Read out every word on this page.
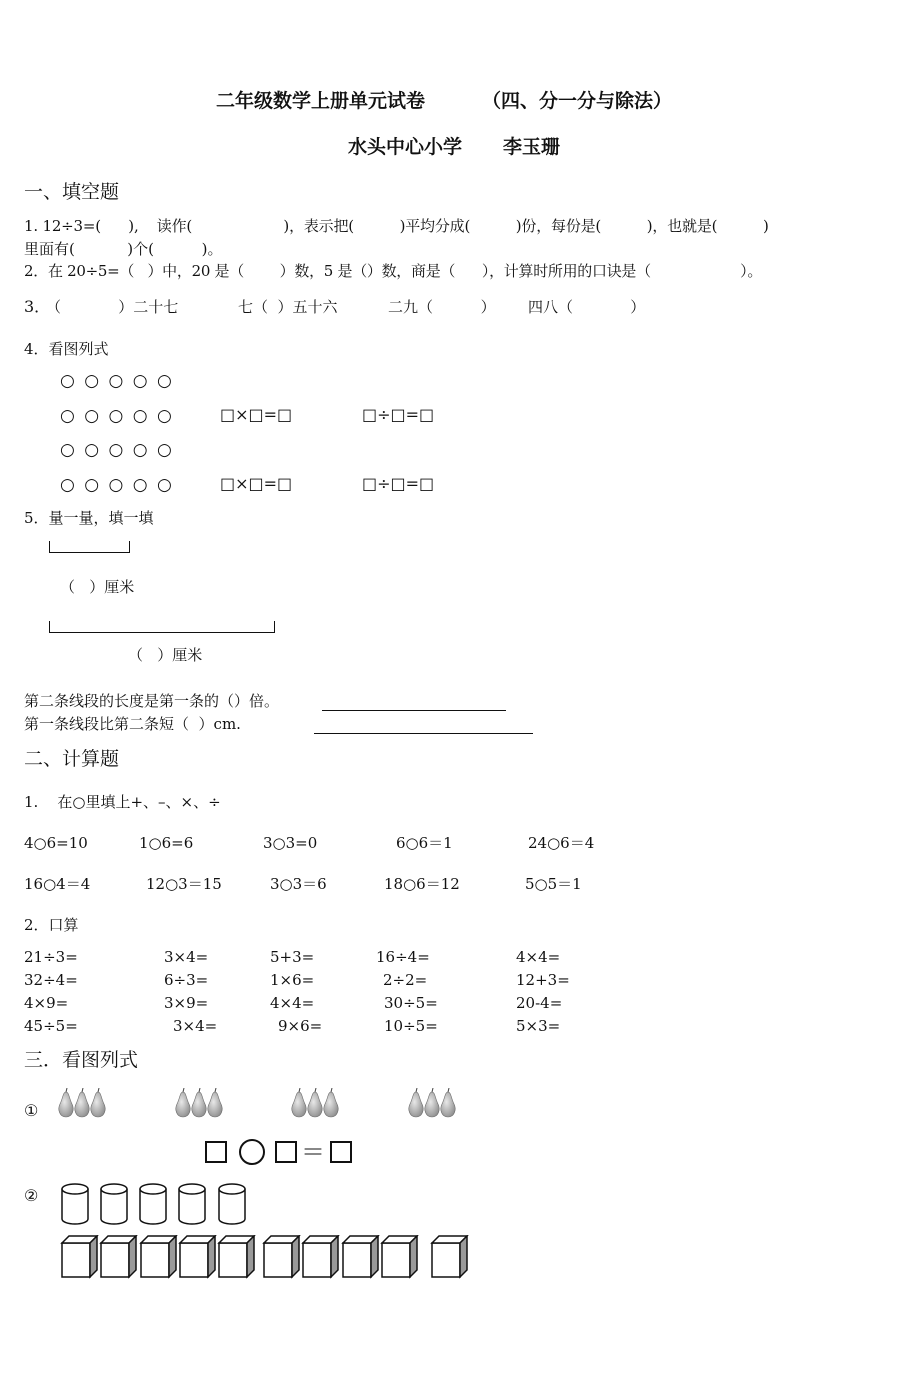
二年级数学上册单元试卷	（四、分一分与除法）
水头中心小学 李玉珊
一、填空题
1. 12÷3=(      ),    读作(                    )，表示把(          )平均分成(          )份，每份是(          )，也就是(          )
里面有(           )个(          )。
2．在 20÷5=（   ）中，20 是（        ）数，5 是（）数，商是（      ），计算时所用的口诀是（                    ）。
3．
（            ）二十七	七（  ）五十六	二九（          ） 四八（            ）
4．看图列式
○ ○ ○ ○ ○
○ ○ ○ ○ ○	□×□=□	□÷□=□
○ ○ ○ ○ ○
○ ○ ○ ○ ○	□×□=□	□÷□=□
5．量一量，填一填
（   ）厘米
（   ）厘米
第二条线段的长度是第一条的（）倍。
第一条线段比第二条短（  ）cm.
二、计算题
1.    在○里填上+、–、×、÷
4○6=10	1○6=6	3○3=0	6○6＝1	24○6＝4
16○4＝4	12○3＝15	3○3＝6	18○6＝12	5○5＝1
2．口算
21÷3=	3×4=	5+3=	16÷4=	4×4=
32÷4=	6÷3=	1×6=	2÷2=	12+3=
4×9=	3×9=	4×4=	30÷5=	20-4=
45÷5=	3×4=	9×6=	10÷5=	5×3=
三．看图列式
①
＝
②
